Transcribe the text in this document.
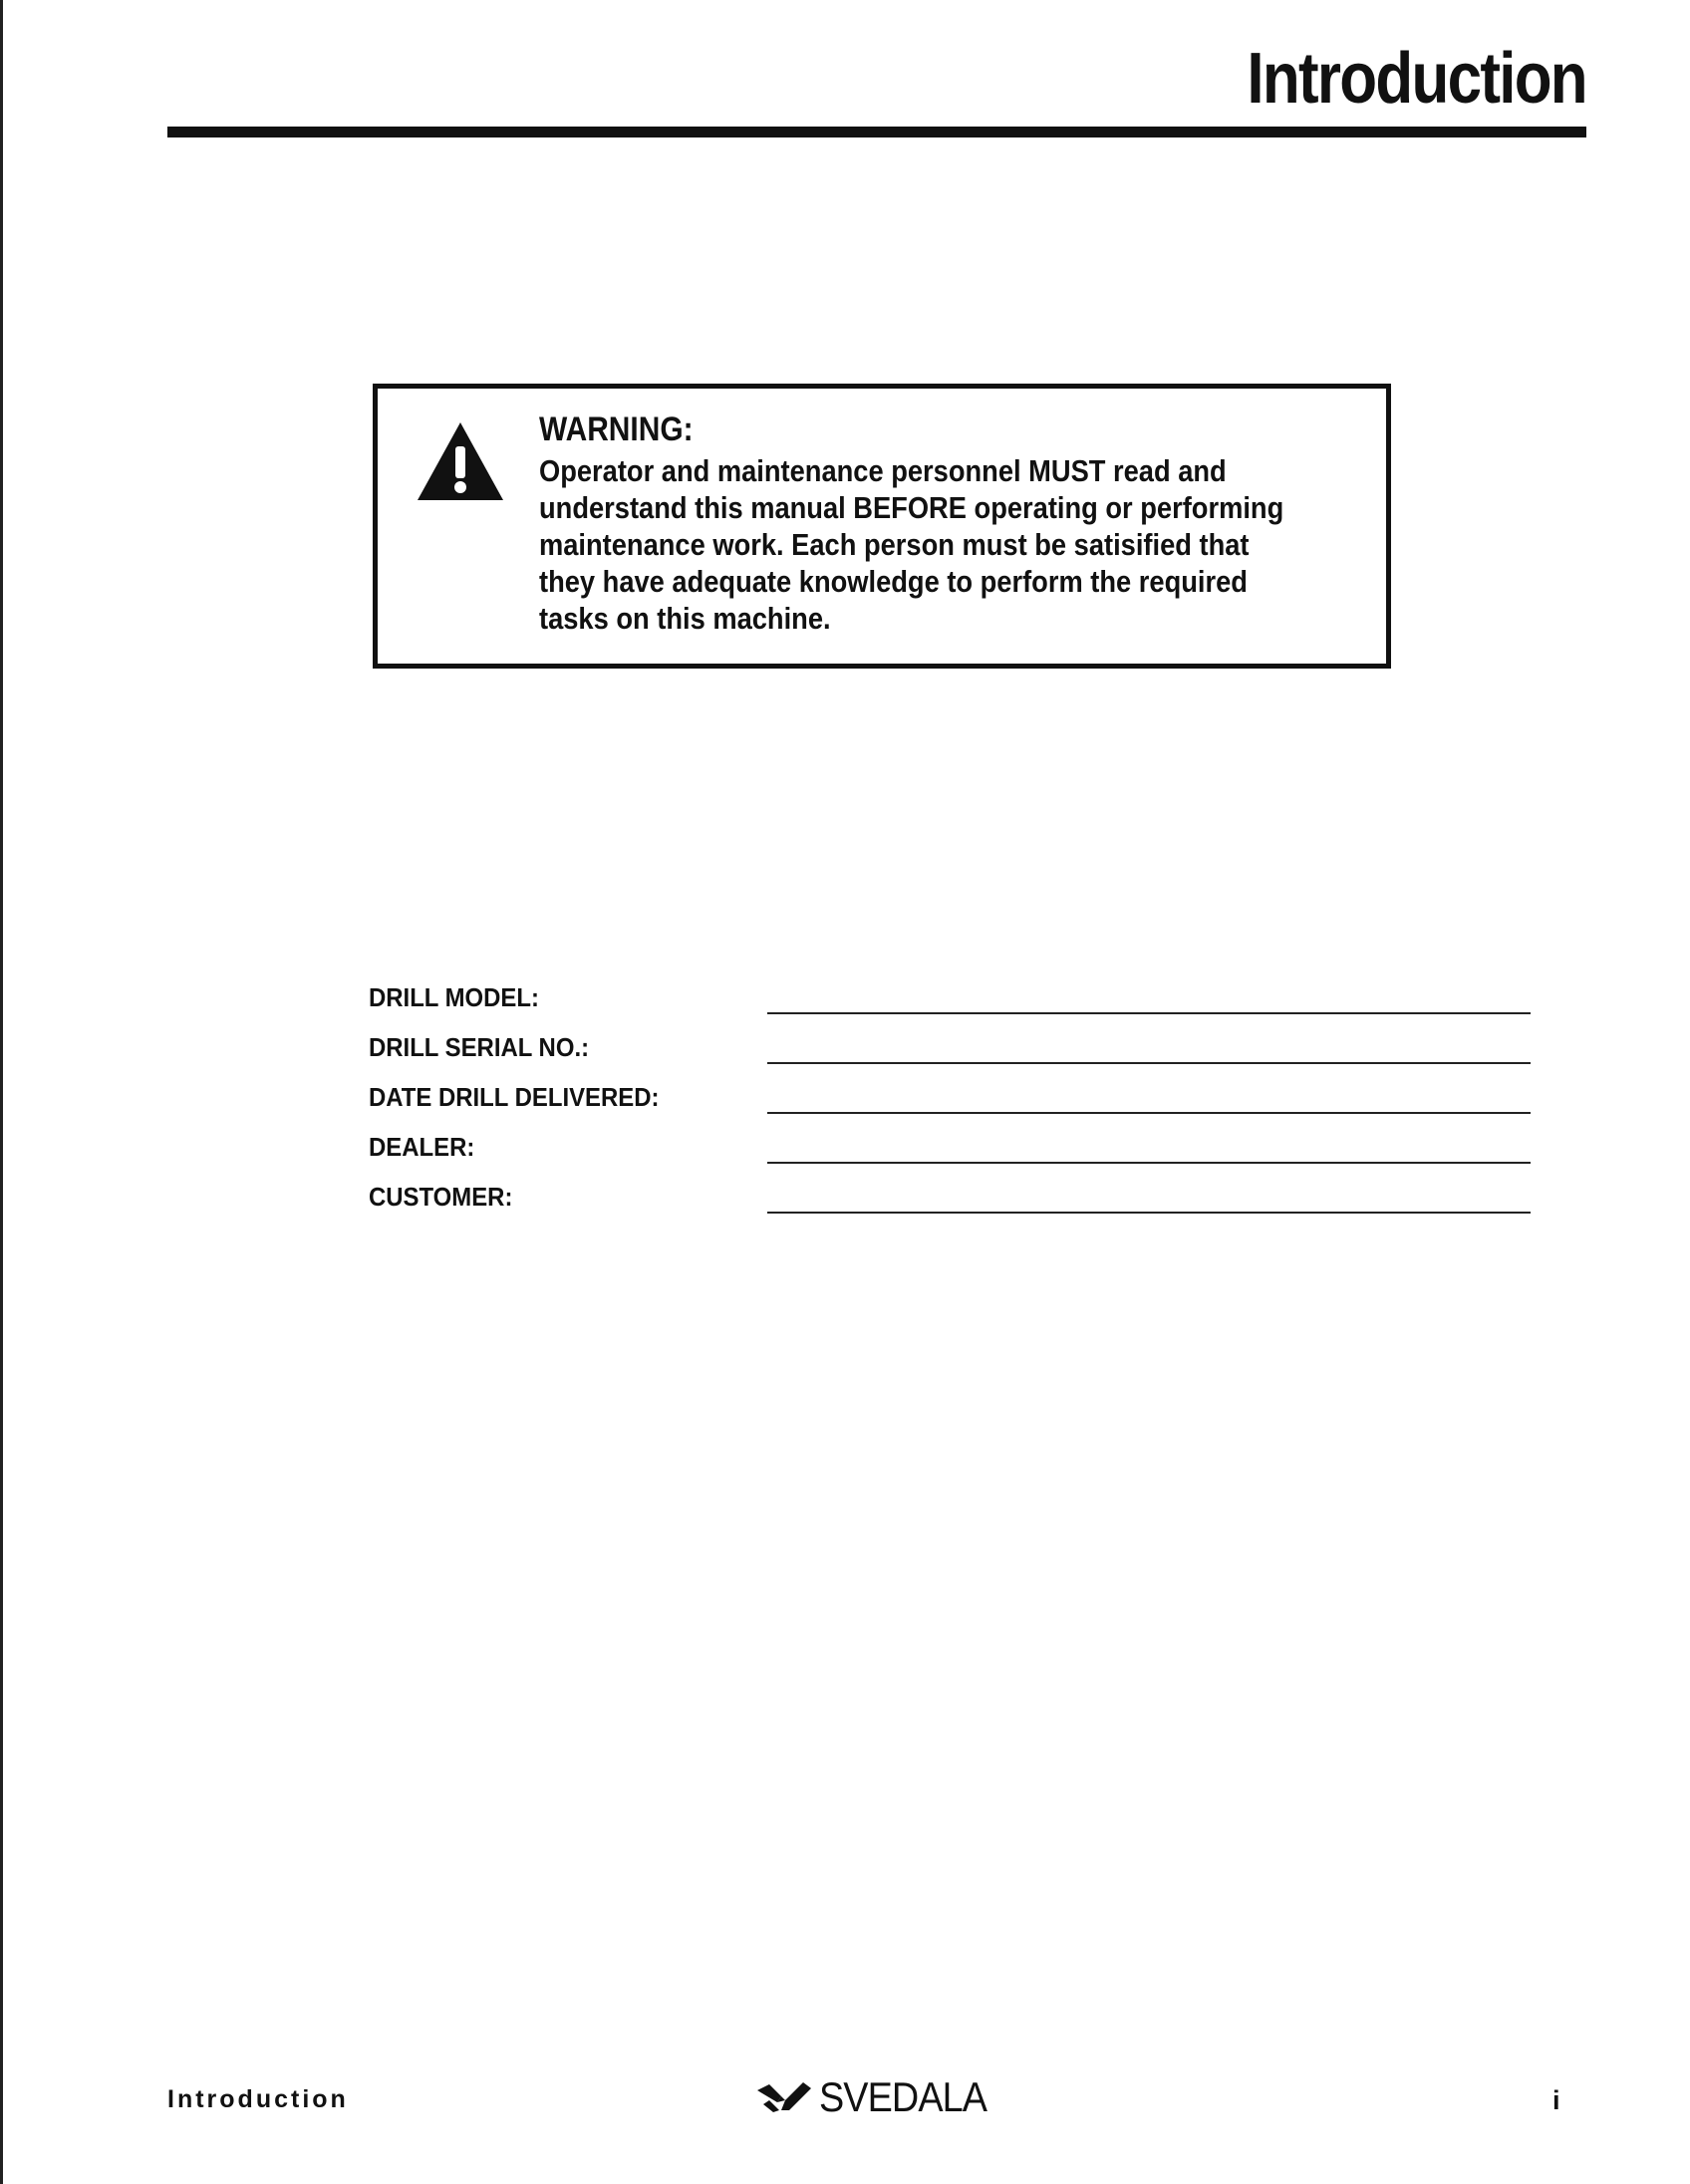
Introduction
WARNING:
Operator and maintenance personnel MUST read and understand this manual BEFORE operating or performing maintenance work. Each person must be satisified that they have adequate knowledge to perform the required tasks on this machine.
DRILL MODEL:
DRILL SERIAL NO.:
DATE DRILL DELIVERED:
DEALER:
CUSTOMER:
Introduction	SVEDALA	i
